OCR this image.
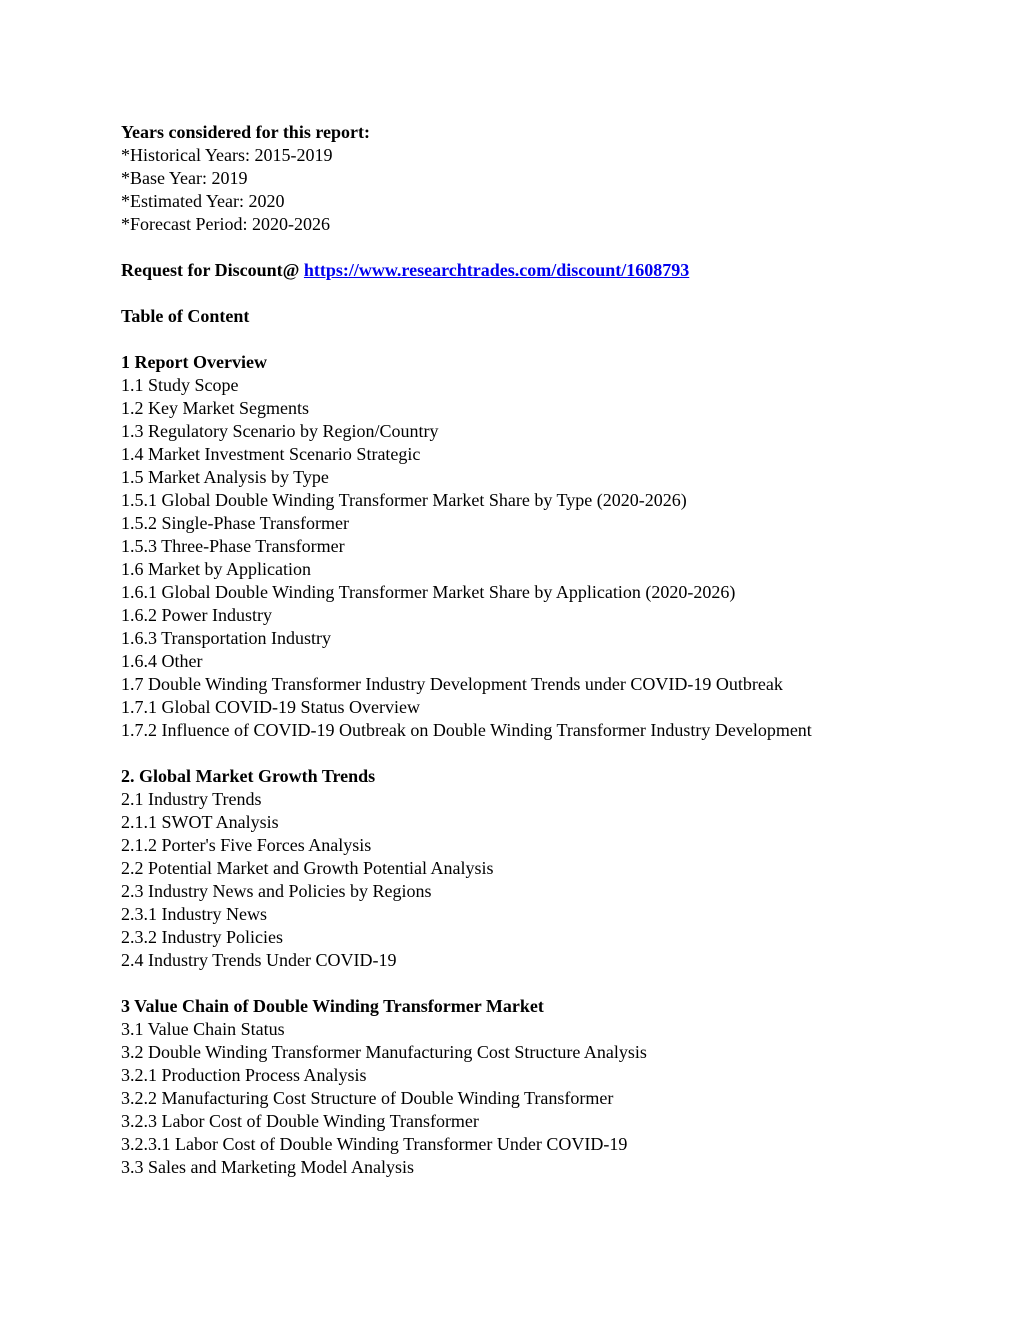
Years considered for this report:
*Historical Years: 2015-2019
*Base Year: 2019
*Estimated Year: 2020
*Forecast Period: 2020-2026
Request for Discount@ https://www.researchtrades.com/discount/1608793
Table of Content
1 Report Overview
1.1 Study Scope
1.2 Key Market Segments
1.3 Regulatory Scenario by Region/Country
1.4 Market Investment Scenario Strategic
1.5 Market Analysis by Type
1.5.1 Global Double Winding Transformer Market Share by Type (2020-2026)
1.5.2 Single-Phase Transformer
1.5.3 Three-Phase Transformer
1.6 Market by Application
1.6.1 Global Double Winding Transformer Market Share by Application (2020-2026)
1.6.2 Power Industry
1.6.3 Transportation Industry
1.6.4 Other
1.7 Double Winding Transformer Industry Development Trends under COVID-19 Outbreak
1.7.1 Global COVID-19 Status Overview
1.7.2 Influence of COVID-19 Outbreak on Double Winding Transformer Industry Development
2. Global Market Growth Trends
2.1 Industry Trends
2.1.1 SWOT Analysis
2.1.2 Porter's Five Forces Analysis
2.2 Potential Market and Growth Potential Analysis
2.3 Industry News and Policies by Regions
2.3.1 Industry News
2.3.2 Industry Policies
2.4 Industry Trends Under COVID-19
3 Value Chain of Double Winding Transformer Market
3.1 Value Chain Status
3.2 Double Winding Transformer Manufacturing Cost Structure Analysis
3.2.1 Production Process Analysis
3.2.2 Manufacturing Cost Structure of Double Winding Transformer
3.2.3 Labor Cost of Double Winding Transformer
3.2.3.1 Labor Cost of Double Winding Transformer Under COVID-19
3.3 Sales and Marketing Model Analysis
